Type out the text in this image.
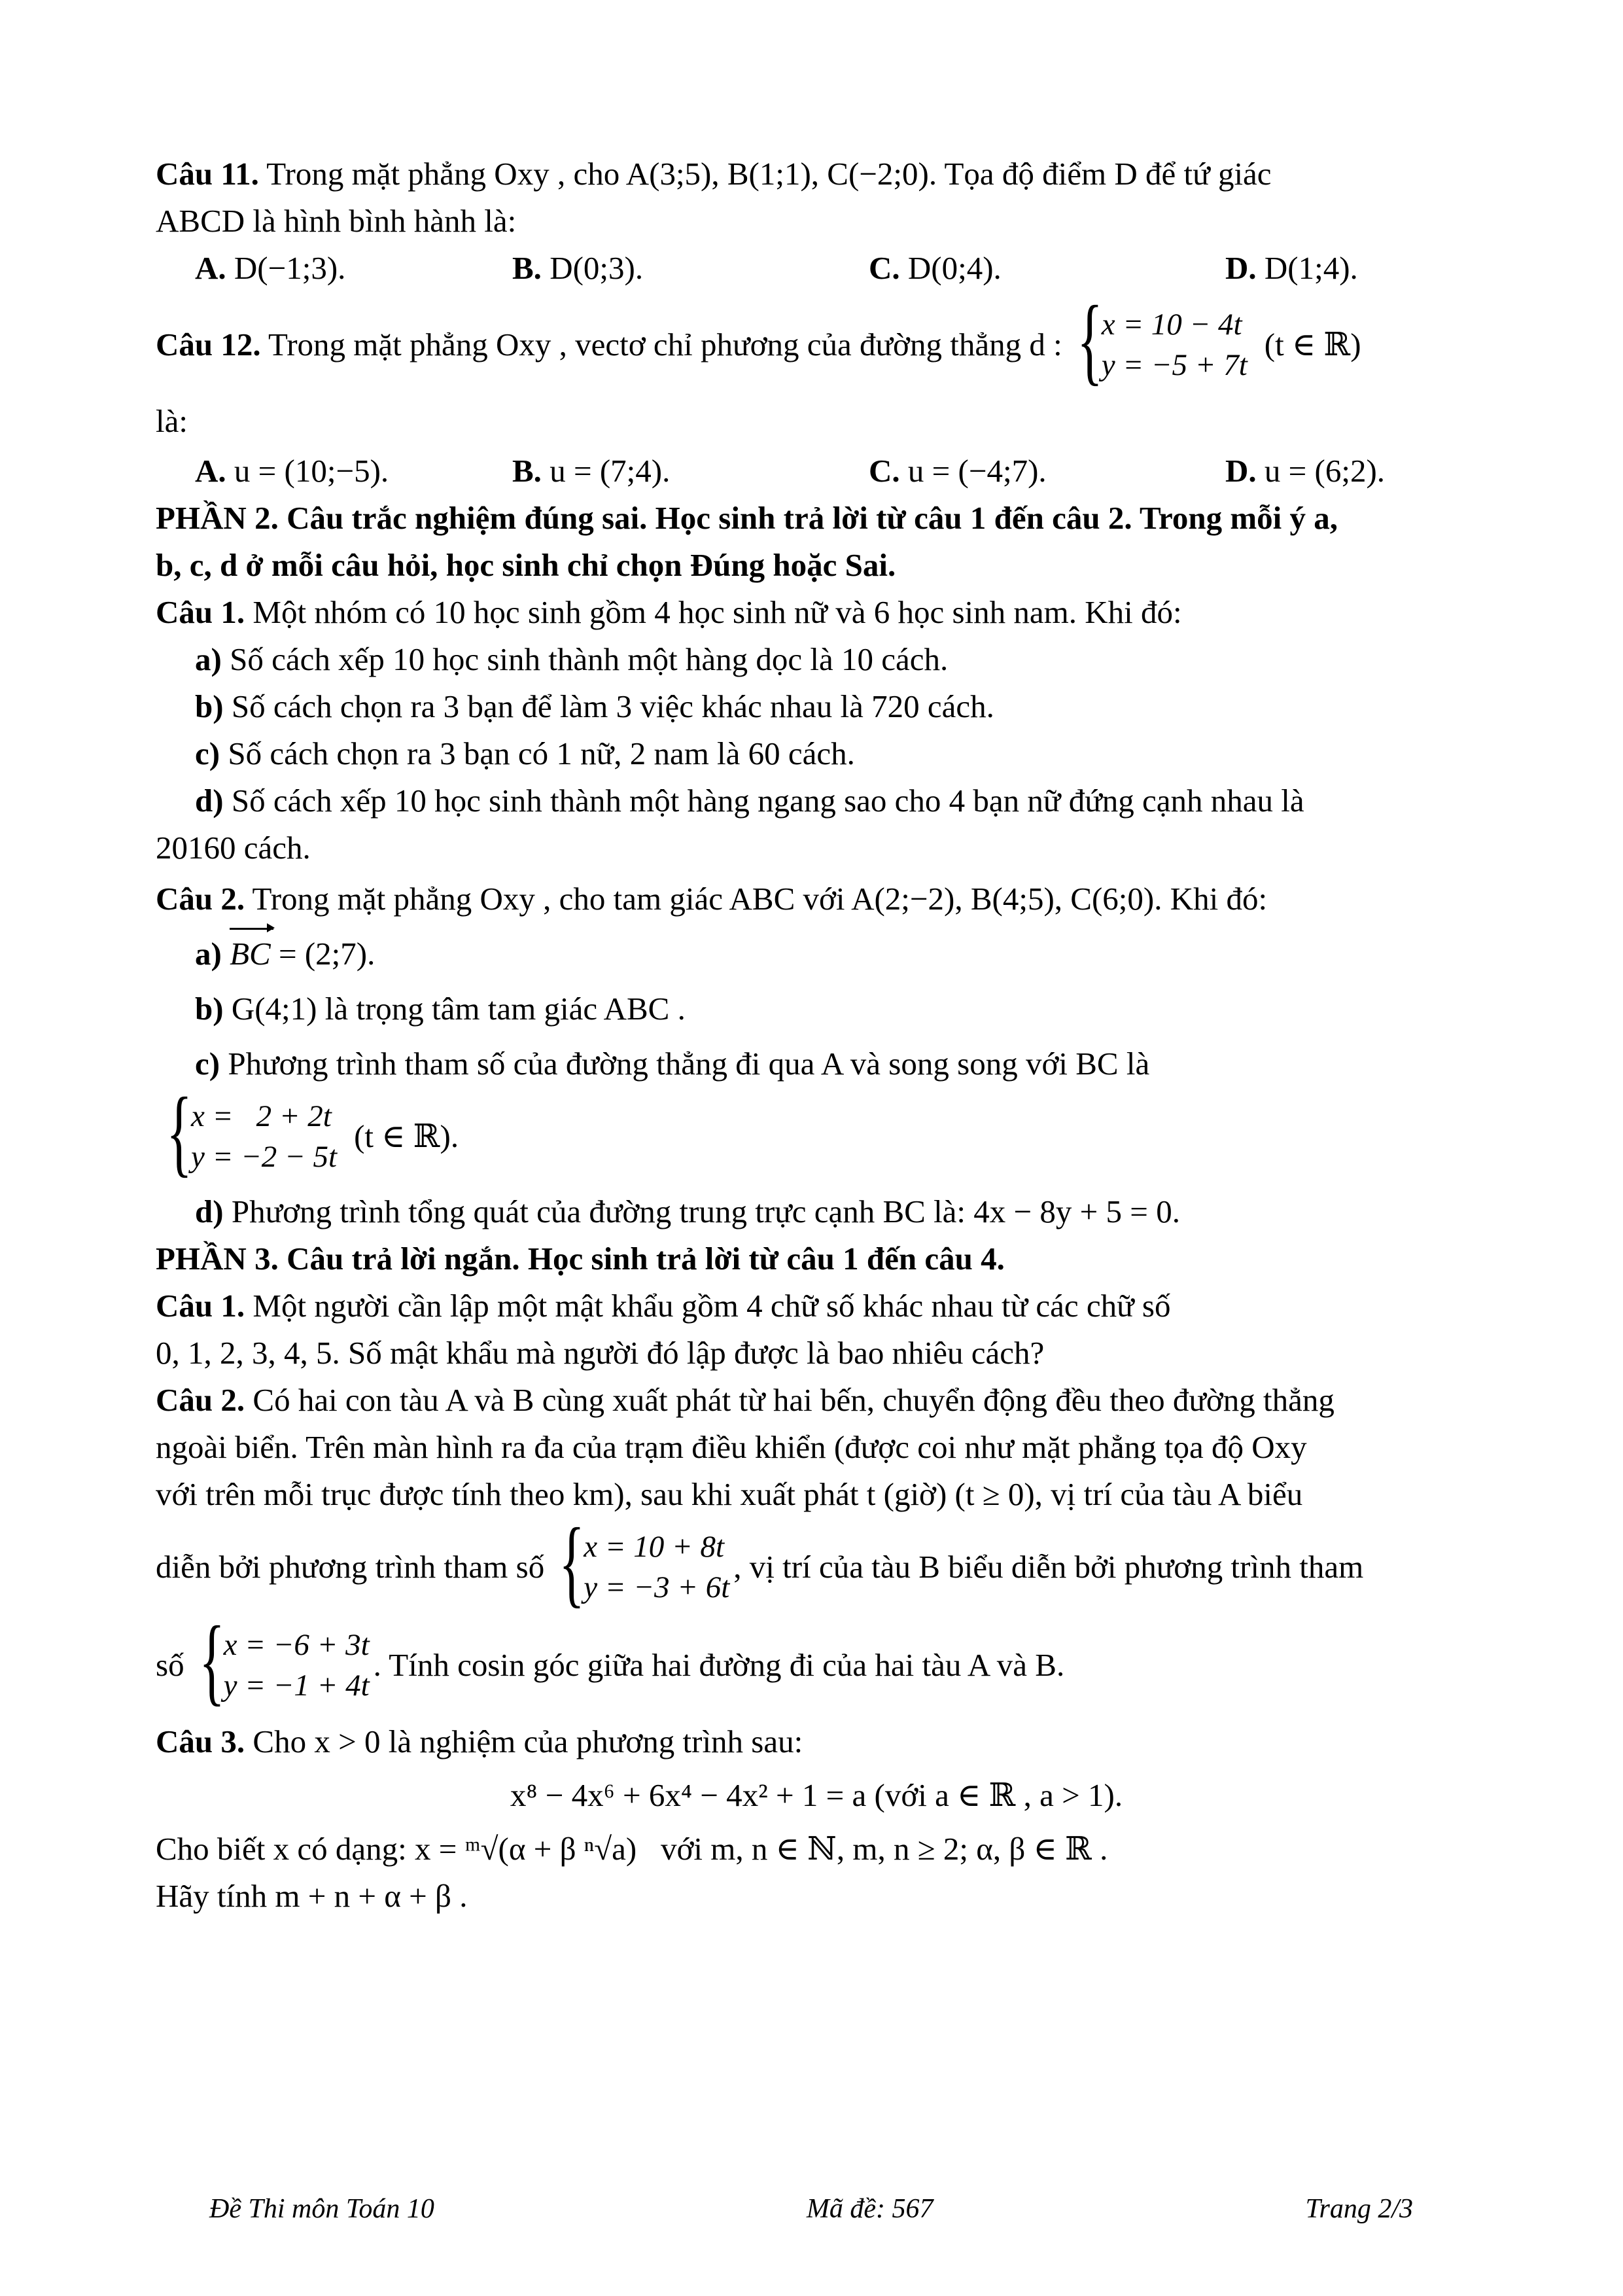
Câu 11. Trong mặt phẳng Oxy , cho A(3;5), B(1;1), C(−2;0). Tọa độ điểm D để tứ giác
ABCD là hình bình hành là:
A. D(−1;3).	B. D(0;3).	C. D(0;4).	D. D(1;4).
Câu 12. Trong mặt phẳng Oxy , vectơ chỉ phương của đường thẳng d : {
x = 10 − 4t
y = −5 + 7t
(t ∈ ℝ)
là:
A. u = (10;−5).	B. u = (7;4).	C. u = (−4;7).	D. u = (6;2).
PHẦN 2. Câu trắc nghiệm đúng sai. Học sinh trả lời từ câu 1 đến câu 2. Trong mỗi ý a,
b, c, d ở mỗi câu hỏi, học sinh chỉ chọn Đúng hoặc Sai.
Câu 1. Một nhóm có 10 học sinh gồm 4 học sinh nữ và 6 học sinh nam. Khi đó:
a) Số cách xếp 10 học sinh thành một hàng dọc là 10 cách.
b) Số cách chọn ra 3 bạn để làm 3 việc khác nhau là 720 cách.
c) Số cách chọn ra 3 bạn có 1 nữ, 2 nam là 60 cách.
d) Số cách xếp 10 học sinh thành một hàng ngang sao cho 4 bạn nữ đứng cạnh nhau là
20160 cách.
Câu 2. Trong mặt phẳng Oxy , cho tam giác ABC với A(2;−2), B(4;5), C(6;0). Khi đó:
a) BC = (2;7).
b) G(4;1) là trọng tâm tam giác ABC .
c) Phương trình tham số của đường thẳng đi qua A và song song với BC là
{
x =   2 + 2t
y = −2 − 5t
(t ∈ ℝ).
d) Phương trình tổng quát của đường trung trực cạnh BC là: 4x − 8y + 5 = 0.
PHẦN 3. Câu trả lời ngắn. Học sinh trả lời từ câu 1 đến câu 4.
Câu 1. Một người cần lập một mật khẩu gồm 4 chữ số khác nhau từ các chữ số
0, 1, 2, 3, 4, 5. Số mật khẩu mà người đó lập được là bao nhiêu cách?
Câu 2. Có hai con tàu A và B cùng xuất phát từ hai bến, chuyển động đều theo đường thẳng
ngoài biển. Trên màn hình ra đa của trạm điều khiển (được coi như mặt phẳng tọa độ Oxy
với trên mỗi trục được tính theo km), sau khi xuất phát t (giờ) (t ≥ 0), vị trí của tàu A biểu
diễn bởi phương trình tham số {
x = 10 + 8t
y = −3 + 6t
, vị trí của tàu B biểu diễn bởi phương trình tham
số {
x = −6 + 3t
y = −1 + 4t
. Tính cosin góc giữa hai đường đi của hai tàu A và B.
Câu 3. Cho x > 0 là nghiệm của phương trình sau:
x⁸ − 4x⁶ + 6x⁴ − 4x² + 1 = a (với a ∈ ℝ , a > 1).
Cho biết x có dạng: x = ᵐ√(α + β ⁿ√a)   với m, n ∈ ℕ, m, n ≥ 2; α, β ∈ ℝ .
Hãy tính m + n + α + β .
Đề Thi môn Toán 10	Mã đề: 567	Trang 2/3
